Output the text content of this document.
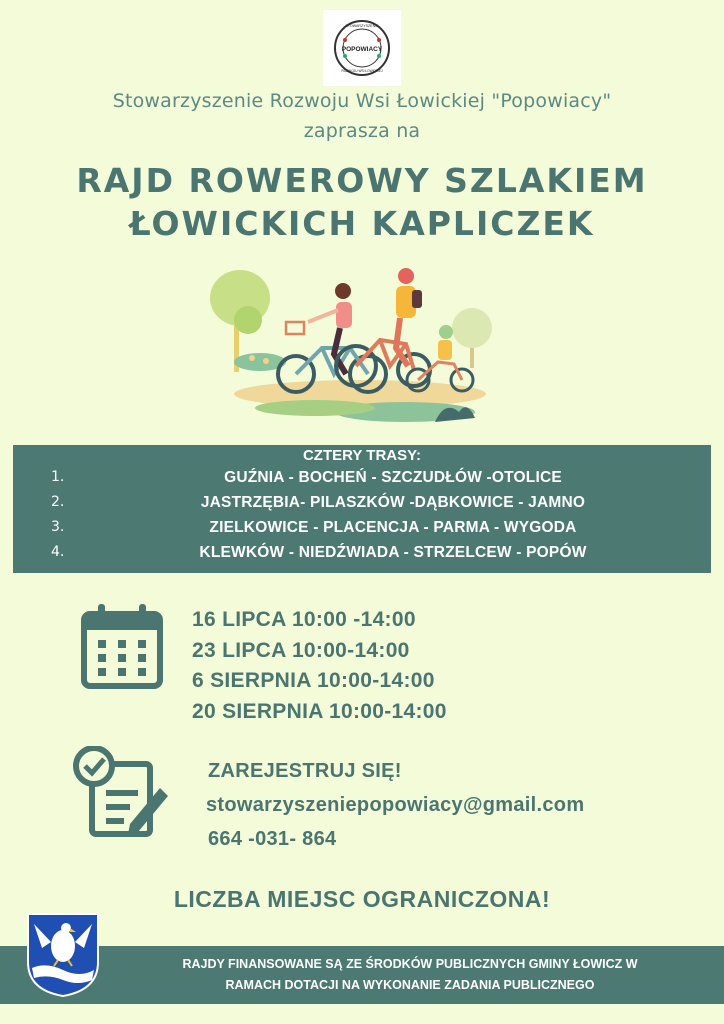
POPOWIACY
STOWARZYSZENIE
ROZWOJU WSI ŁOWICKIEJ
Stowarzyszenie Rozwoju Wsi Łowickiej "Popowiacy"
zaprasza na
RAJD ROWEROWY SZLAKIEM
ŁOWICKICH KAPLICZEK
CZTERY TRASY:
1.	GUŹNIA - BOCHEŃ - SZCZUDŁÓW -OTOLICE
2.	JASTRZĘBIA- PILASZKÓW -DĄBKOWICE - JAMNO
3.	ZIELKOWICE - PLACENCJA - PARMA - WYGODA
4.	KLEWKÓW - NIEDŹWIADA - STRZELCEW - POPÓW
16 LIPCA 10:00 -14:00
23 LIPCA 10:00-14:00
6 SIERPNIA 10:00-14:00
20 SIERPNIA 10:00-14:00
ZAREJESTRUJ SIĘ!
stowarzyszeniepopowiacy@gmail.com
664 -031- 864
LICZBA MIEJSC OGRANICZONA!
RAJDY FINANSOWANE SĄ ZE ŚRODKÓW PUBLICZNYCH GMINY ŁOWICZ W
RAMACH DOTACJI NA WYKONANIE ZADANIA PUBLICZNEGO
